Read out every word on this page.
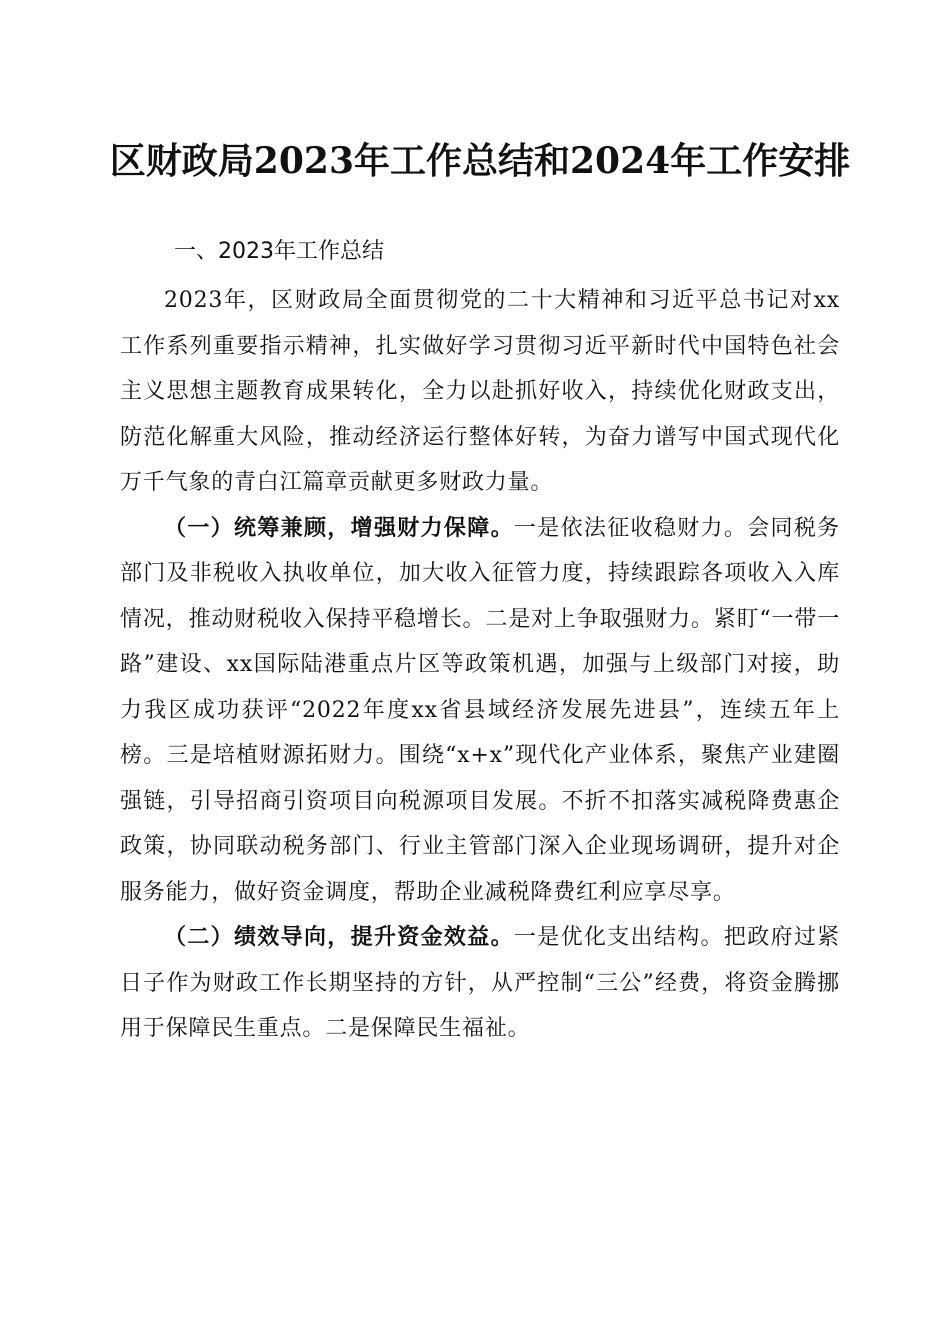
区财政局2023年工作总结和2024年工作安排
一、2023年工作总结

2023年，区财政局全面贯彻党的二十大精神和习近平总书记对xx工作系列重要指示精神，扎实做好学习贯彻习近平新时代中国特色社会主义思想主题教育成果转化，全力以赴抓好收入，持续优化财政支出，防范化解重大风险，推动经济运行整体好转，为奋力谱写中国式现代化万千气象的青白江篇章贡献更多财政力量。

（一）统筹兼顾，增强财力保障。一是依法征收稳财力。会同税务部门及非税收入执收单位，加大收入征管力度，持续跟踪各项收入入库情况，推动财税收入保持平稳增长。二是对上争取强财力。紧盯“一带一路”建设、xx国际陆港重点片区等政策机遇，加强与上级部门对接，助力我区成功获评“2022年度xx省县域经济发展先进县”，连续五年上榜。三是培植财源拓财力。围绕“x+x”现代化产业体系，聚焦产业建圈强链，引导招商引资项目向税源项目发展。不折不扣落实减税降费惠企政策，协同联动税务部门、行业主管部门深入企业现场调研，提升对企服务能力，做好资金调度，帮助企业减税降费红利应享尽享。

（二）绩效导向，提升资金效益。一是优化支出结构。把政府过紧日子作为财政工作长期坚持的方针，从严控制“三公”经费，将资金腾挪用于保障民生重点。二是保障民生福祉。
